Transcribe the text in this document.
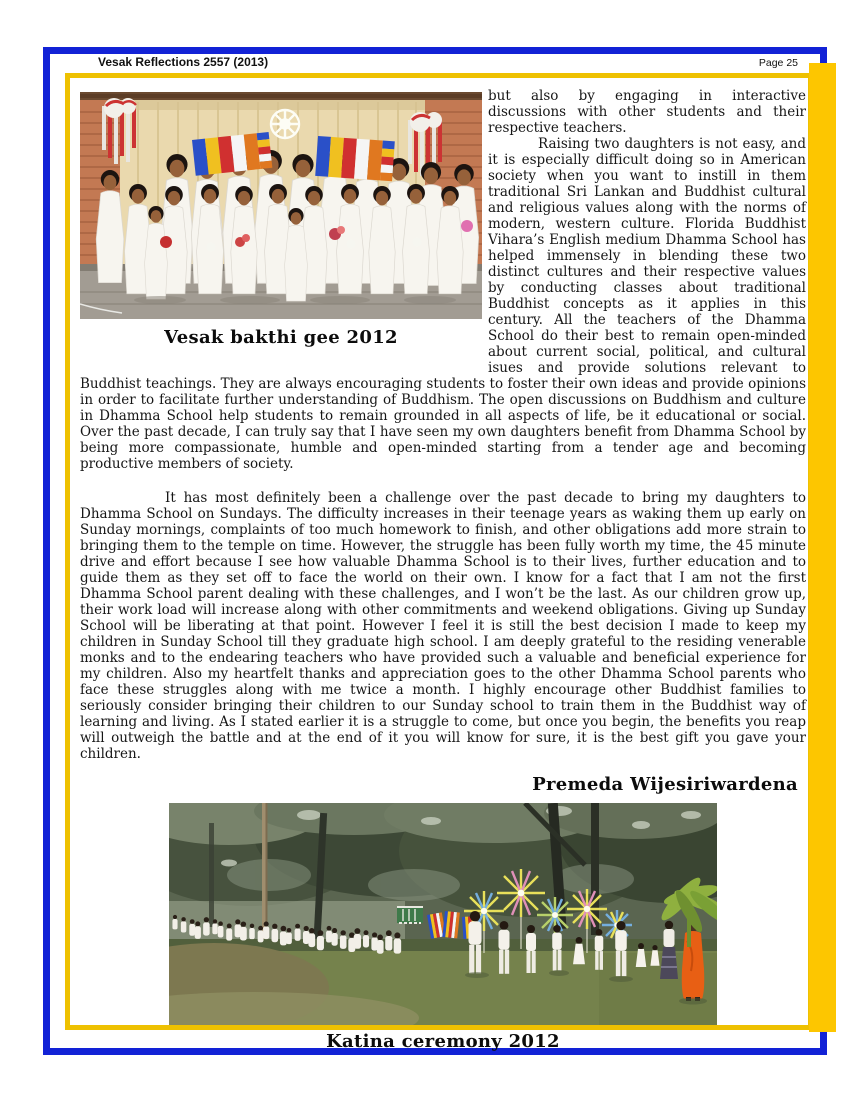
Vesak Reflections 2557 (2013)	Page 25
Vesak bakthi gee 2012

but also by engaging in interactive discussions with other students and their respective teachers.

Raising two daughters is not easy, and it is especially difficult doing so in American society when you want to instill in them traditional Sri Lankan and Buddhist cultural and religious values along with the norms of modern, western culture. Florida Buddhist Vihara’s English medium Dhamma School has helped immensely in blending these two distinct cultures and their respective values by conducting classes about traditional Buddhist concepts as it applies in this century. All the teachers of the Dhamma School do their best to remain open-minded about current social, political, and cultural isues and provide solutions relevant to Buddhist teachings. They are always encouraging students to foster their own ideas and provide opinions in order to facilitate further understanding of Buddhism. The open discussions on Buddhism and culture in Dhamma School help students to remain grounded in all aspects of life, be it educational or social. Over the past decade, I can truly say that I have seen my own daughters benefit from Dhamma School by being more compassionate, humble and open-minded starting from a tender age and becoming productive members of society.

It has most definitely been a challenge over the past decade to bring my daughters to Dhamma School on Sundays. The difficulty increases in their teenage years as waking them up early on Sunday mornings, complaints of too much homework to finish, and other obligations add more strain to bringing them to the temple on time. However, the struggle has been fully worth my time, the 45 minute drive and effort because I see how valuable Dhamma School is to their lives, further education and to guide them as they set off to face the world on their own. I know for a fact that I am not the first Dhamma School parent dealing with these challenges, and I won’t be the last. As our children grow up, their work load will increase along with other commitments and weekend obligations. Giving up Sunday School will be liberating at that point. However I feel it is still the best decision I made to keep my children in Sunday School till they graduate high school. I am deeply grateful to the residing venerable monks and to the endearing teachers who have provided such a valuable and beneficial experience for my children. Also my heartfelt thanks and appreciation goes to the other Dhamma School parents who face these struggles along with me twice a month. I highly encourage other Buddhist families to seriously consider bringing their children to our Sunday school to train them in the Buddhist way of learning and living. As I stated earlier it is a struggle to come, but once you begin, the benefits you reap will outweigh the battle and at the end of it you will know for sure, it is the best gift you gave your children.

Premeda Wijesiriwardena
Katina ceremony 2012
